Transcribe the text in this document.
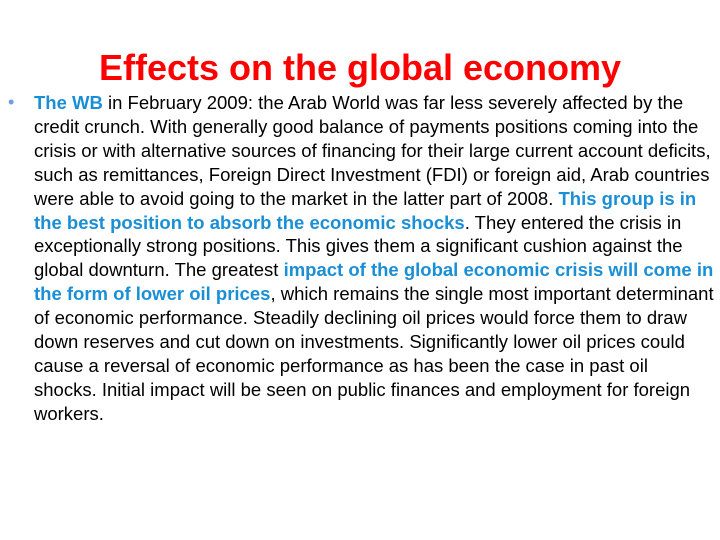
Effects on the global economy
• The WB in February 2009: the Arab World was far less severely affected by the credit crunch. With generally good balance of payments positions coming into the crisis or with alternative sources of financing for their large current account deficits, such as remittances, Foreign Direct Investment (FDI) or foreign aid, Arab countries were able to avoid going to the market in the latter part of 2008. This group is in the best position to absorb the economic shocks. They entered the crisis in exceptionally strong positions. This gives them a significant cushion against the global downturn. The greatest impact of the global economic crisis will come in the form of lower oil prices, which remains the single most important determinant of economic performance. Steadily declining oil prices would force them to draw down reserves and cut down on investments. Significantly lower oil prices could cause a reversal of economic performance as has been the case in past oil shocks. Initial impact will be seen on public finances and employment for foreign workers.
